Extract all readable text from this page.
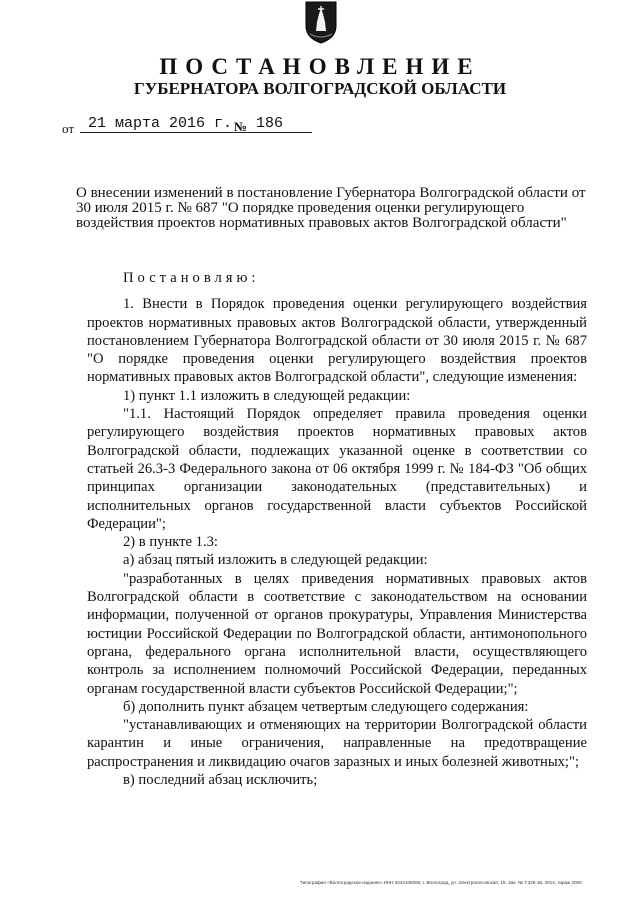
ПОСТАНОВЛЕНИЕ
ГУБЕРНАТОРА ВОЛГОГРАДСКОЙ ОБЛАСТИ
от 21 марта 2016 г. № 186
О внесении изменений в постановление Губернатора Волгоградской области от 30 июля 2015 г. № 687 "О порядке проведения оценки регулирующего воздействия проектов нормативных правовых актов Волгоградской области"

Постановляю:

1. Внести в Порядок проведения оценки регулирующего воздействия проектов нормативных правовых актов Волгоградской области, утвержденный постановлением Губернатора Волгоградской области от 30 июля 2015 г. № 687 "О порядке проведения оценки регулирующего воздействия проектов нормативных правовых актов Волгоградской области", следующие изменения:

1) пункт 1.1 изложить в следующей редакции:

"1.1. Настоящий Порядок определяет правила проведения оценки регулирующего воздействия проектов нормативных правовых актов Волгоградской области, подлежащих указанной оценке в соответствии со статьей 26.3-3 Федерального закона от 06 октября 1999 г. № 184-ФЗ "Об общих принципах организации законодательных (представительных) и исполнительных органов государственной власти субъектов Российской Федерации";

2) в пункте 1.3:

а) абзац пятый изложить в следующей редакции:

"разработанных в целях приведения нормативных правовых актов Волгоградской области в соответствие с законодательством на основании информации, полученной от органов прокуратуры, Управления Министерства юстиции Российской Федерации по Волгоградской области, антимонопольного органа, федерального органа исполнительной власти, осуществляющего контроль за исполнением полномочий Российской Федерации, переданных органам государственной власти субъектов Российской Федерации;";

б) дополнить пункт абзацем четвертым следующего содержания:

"устанавливающих и отменяющих на территории Волгоградской области карантин и иные ограничения, направленные на предотвращение распространения и ликвидацию очагов заразных и иных болезней животных;";

в) последний абзац исключить;

Типография «Волгоградское издание» ИНН 3442106090, г. Волгоград, ул. Электролесовская, 19, Зак. № Т.326-18, 2014, тираж 2000
